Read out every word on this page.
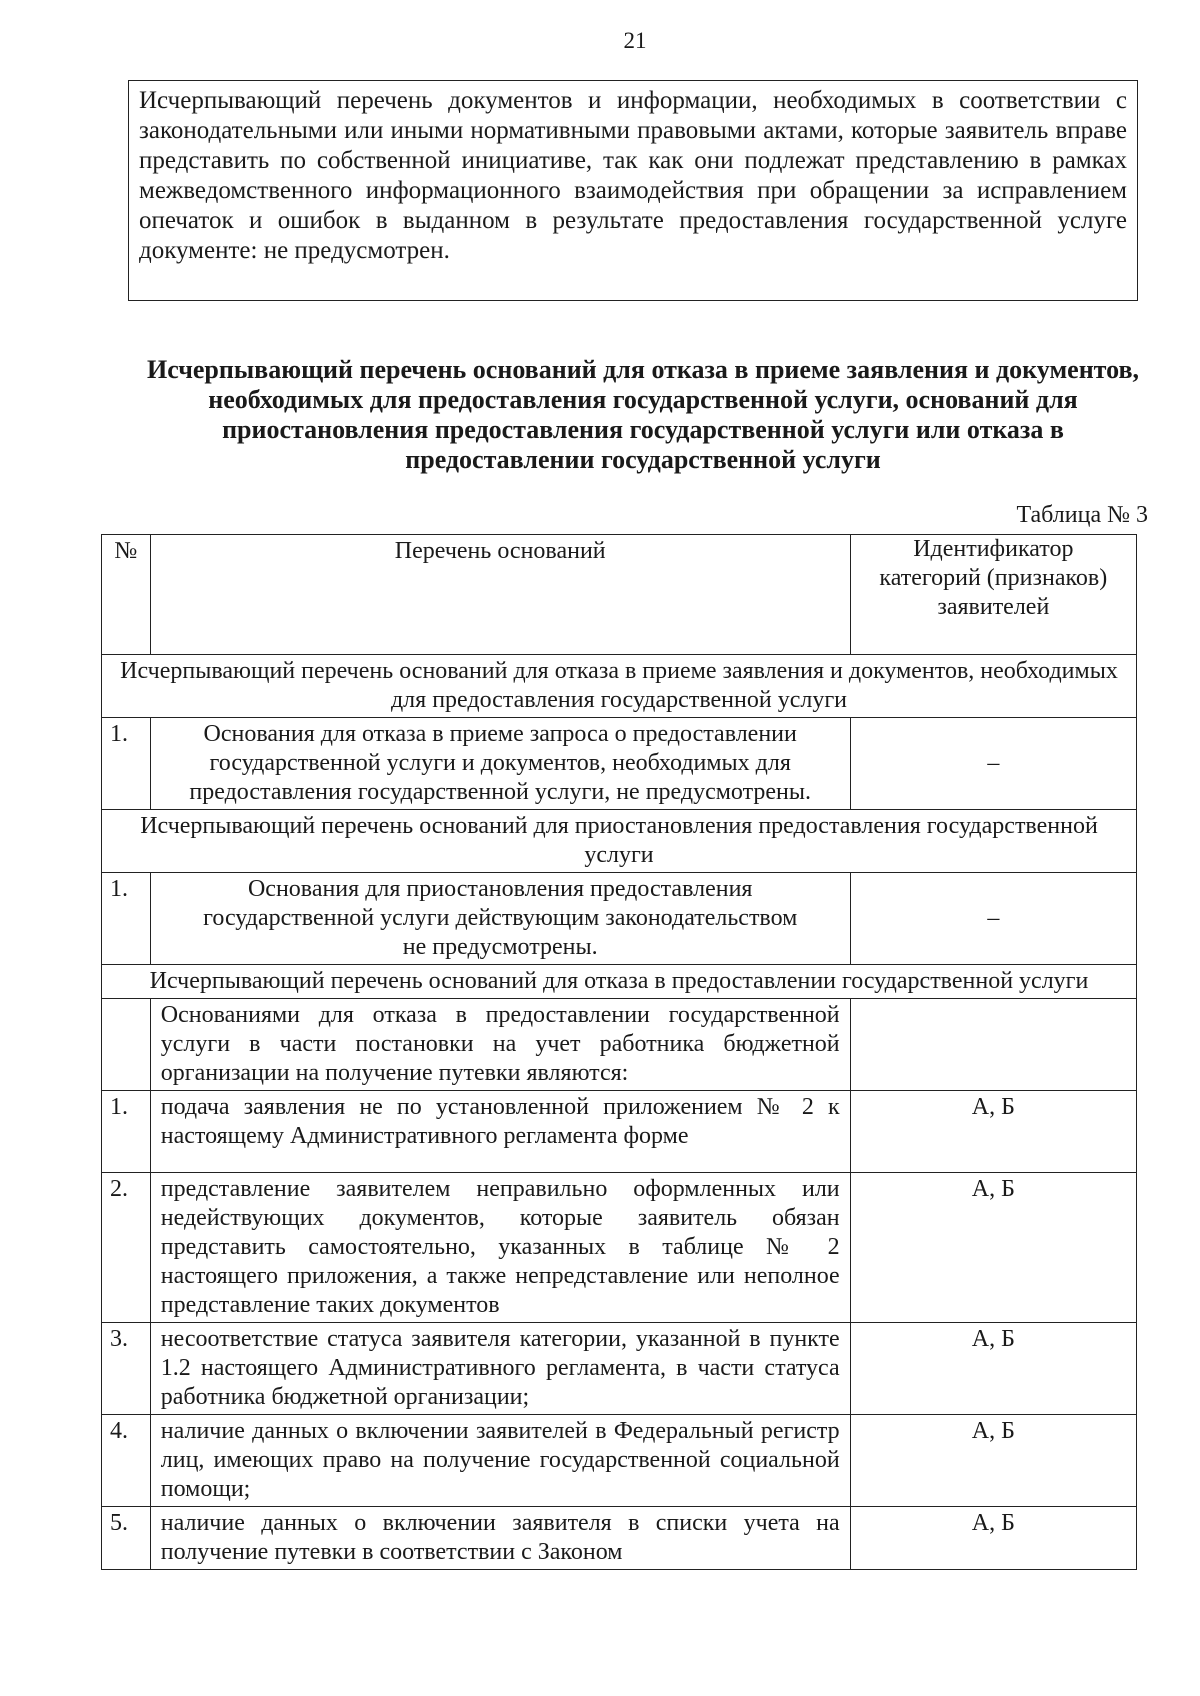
21
Исчерпывающий перечень документов и информации, необходимых в соответствии с законодательными или иными нормативными правовыми актами, которые заявитель вправе представить по собственной инициативе, так как они подлежат представлению в рамках межведомственного информационного взаимодействия при обращении за исправлением опечаток и ошибок в выданном в результате предоставления государственной услуге документе: не предусмотрен.
Исчерпывающий перечень оснований для отказа в приеме заявления и документов, необходимых для предоставления государственной услуги, оснований для приостановления предоставления государственной услуги или отказа в предоставлении государственной услуги
Таблица № 3
№	Перечень оснований	Идентификатор категорий (признаков) заявителей
Исчерпывающий перечень оснований для отказа в приеме заявления и документов, необходимых для предоставления государственной услуги		
1.	Основания для отказа в приеме запроса о предоставлении государственной услуги и документов, необходимых для предоставления государственной услуги, не предусмотрены.	–
Исчерпывающий перечень оснований для приостановления предоставления государственной услуги		
1.	Основания для приостановления предоставления государственной услуги действующим законодательством не предусмотрены.	–
Исчерпывающий перечень оснований для отказа в предоставлении государственной услуги		
	Основаниями для отказа в предоставлении государственной услуги в части постановки на учет работника бюджетной организации на получение путевки являются:	
1.	подача заявления не по установленной приложением № 2 к настоящему Административного регламента форме	А, Б
2.	представление заявителем неправильно оформленных или недействующих документов, которые заявитель обязан представить самостоятельно, указанных в таблице № 2 настоящего приложения, а также непредставление или неполное представление таких документов	А, Б
3.	несоответствие статуса заявителя категории, указанной в пункте 1.2 настоящего Административного регламента, в части статуса работника бюджетной организации;	А, Б
4.	наличие данных о включении заявителей в Федеральный регистр лиц, имеющих право на получение государственной социальной помощи;	А, Б
5.	наличие данных о включении заявителя в списки учета на получение путевки в соответствии с Законом	А, Б
